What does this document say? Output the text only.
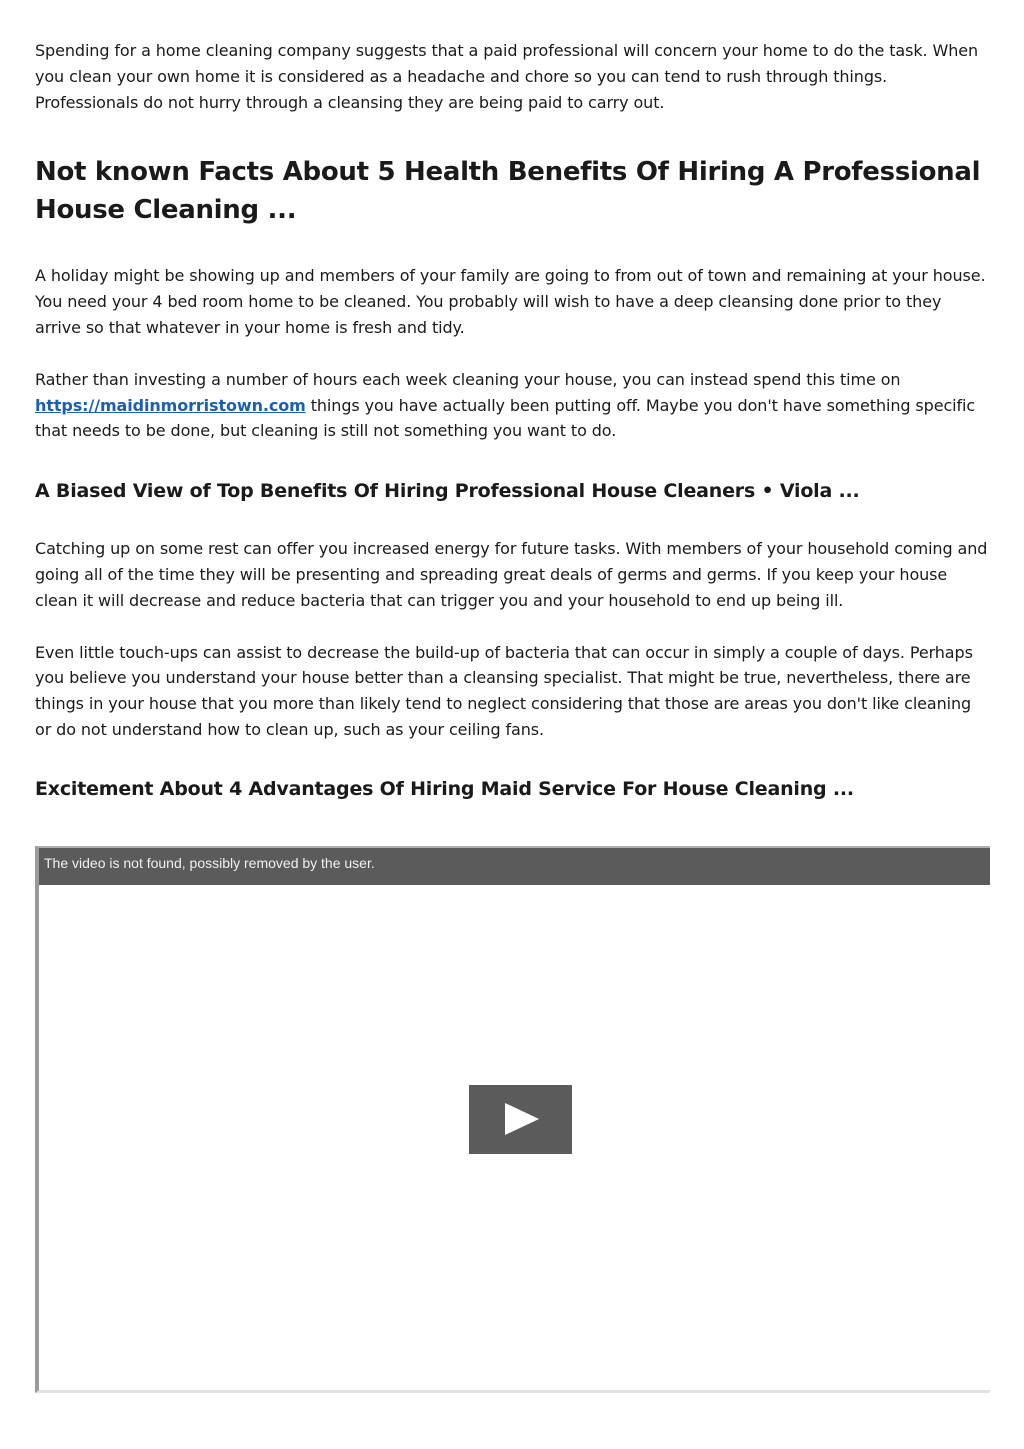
Spending for a home cleaning company suggests that a paid professional will concern your home to do the task. When you clean your own home it is considered as a headache and chore so you can tend to rush through things. Professionals do not hurry through a cleansing they are being paid to carry out.

Not known Facts About 5 Health Benefits Of Hiring A Professional House Cleaning ...

A holiday might be showing up and members of your family are going to from out of town and remaining at your house. You need your 4 bed room home to be cleaned. You probably will wish to have a deep cleansing done prior to they arrive so that whatever in your home is fresh and tidy.

Rather than investing a number of hours each week cleaning your house, you can instead spend this time on https://maidinmorristown.com things you have actually been putting off. Maybe you don't have something specific that needs to be done, but cleaning is still not something you want to do.

A Biased View of Top Benefits Of Hiring Professional House Cleaners • Viola ...

Catching up on some rest can offer you increased energy for future tasks. With members of your household coming and going all of the time they will be presenting and spreading great deals of germs and germs. If you keep your house clean it will decrease and reduce bacteria that can trigger you and your household to end up being ill.

Even little touch-ups can assist to decrease the build-up of bacteria that can occur in simply a couple of days. Perhaps you believe you understand your house better than a cleansing specialist. That might be true, nevertheless, there are things in your house that you more than likely tend to neglect considering that those are areas you don't like cleaning or do not understand how to clean up, such as your ceiling fans.

Excitement About 4 Advantages Of Hiring Maid Service For House Cleaning ...
The video is not found, possibly removed by the user.
